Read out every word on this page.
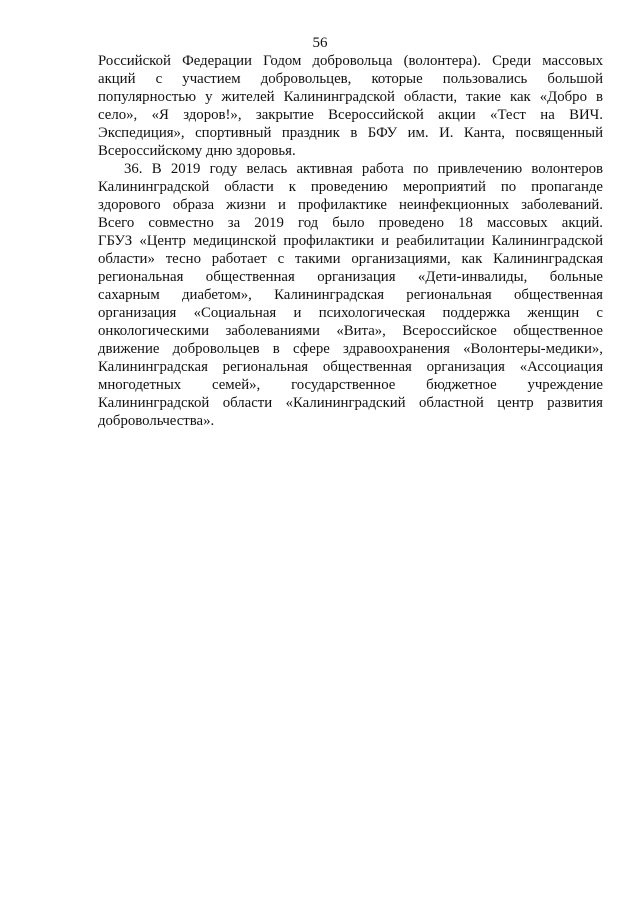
56

Российской Федерации Годом добровольца (волонтера). Среди массовых
акций с участием добровольцев, которые пользовались большой
популярностью у жителей Калининградской области, такие как «Добро в
село», «Я здоров!», закрытие Всероссийской акции «Тест на ВИЧ.
Экспедиция», спортивный праздник в БФУ им. И. Канта, посвященный
Всероссийскому дню здоровья.

36. В 2019 году велась активная работа по привлечению волонтеров
Калининградской области к проведению мероприятий по пропаганде
здорового образа жизни и профилактике неинфекционных заболеваний.
Всего совместно за 2019 год было проведено 18 массовых акций.
ГБУЗ «Центр медицинской профилактики и реабилитации Калининградской
области» тесно работает с такими организациями, как Калининградская
региональная общественная организация «Дети-инвалиды, больные
сахарным диабетом», Калининградская региональная общественная
организация «Социальная и психологическая поддержка женщин с
онкологическими заболеваниями «Вита», Всероссийское общественное
движение добровольцев в сфере здравоохранения «Волонтеры-медики»,
Калининградская региональная общественная организация «Ассоциация
многодетных семей», государственное бюджетное учреждение
Калининградской области «Калининградский областной центр развития
добровольчества».
